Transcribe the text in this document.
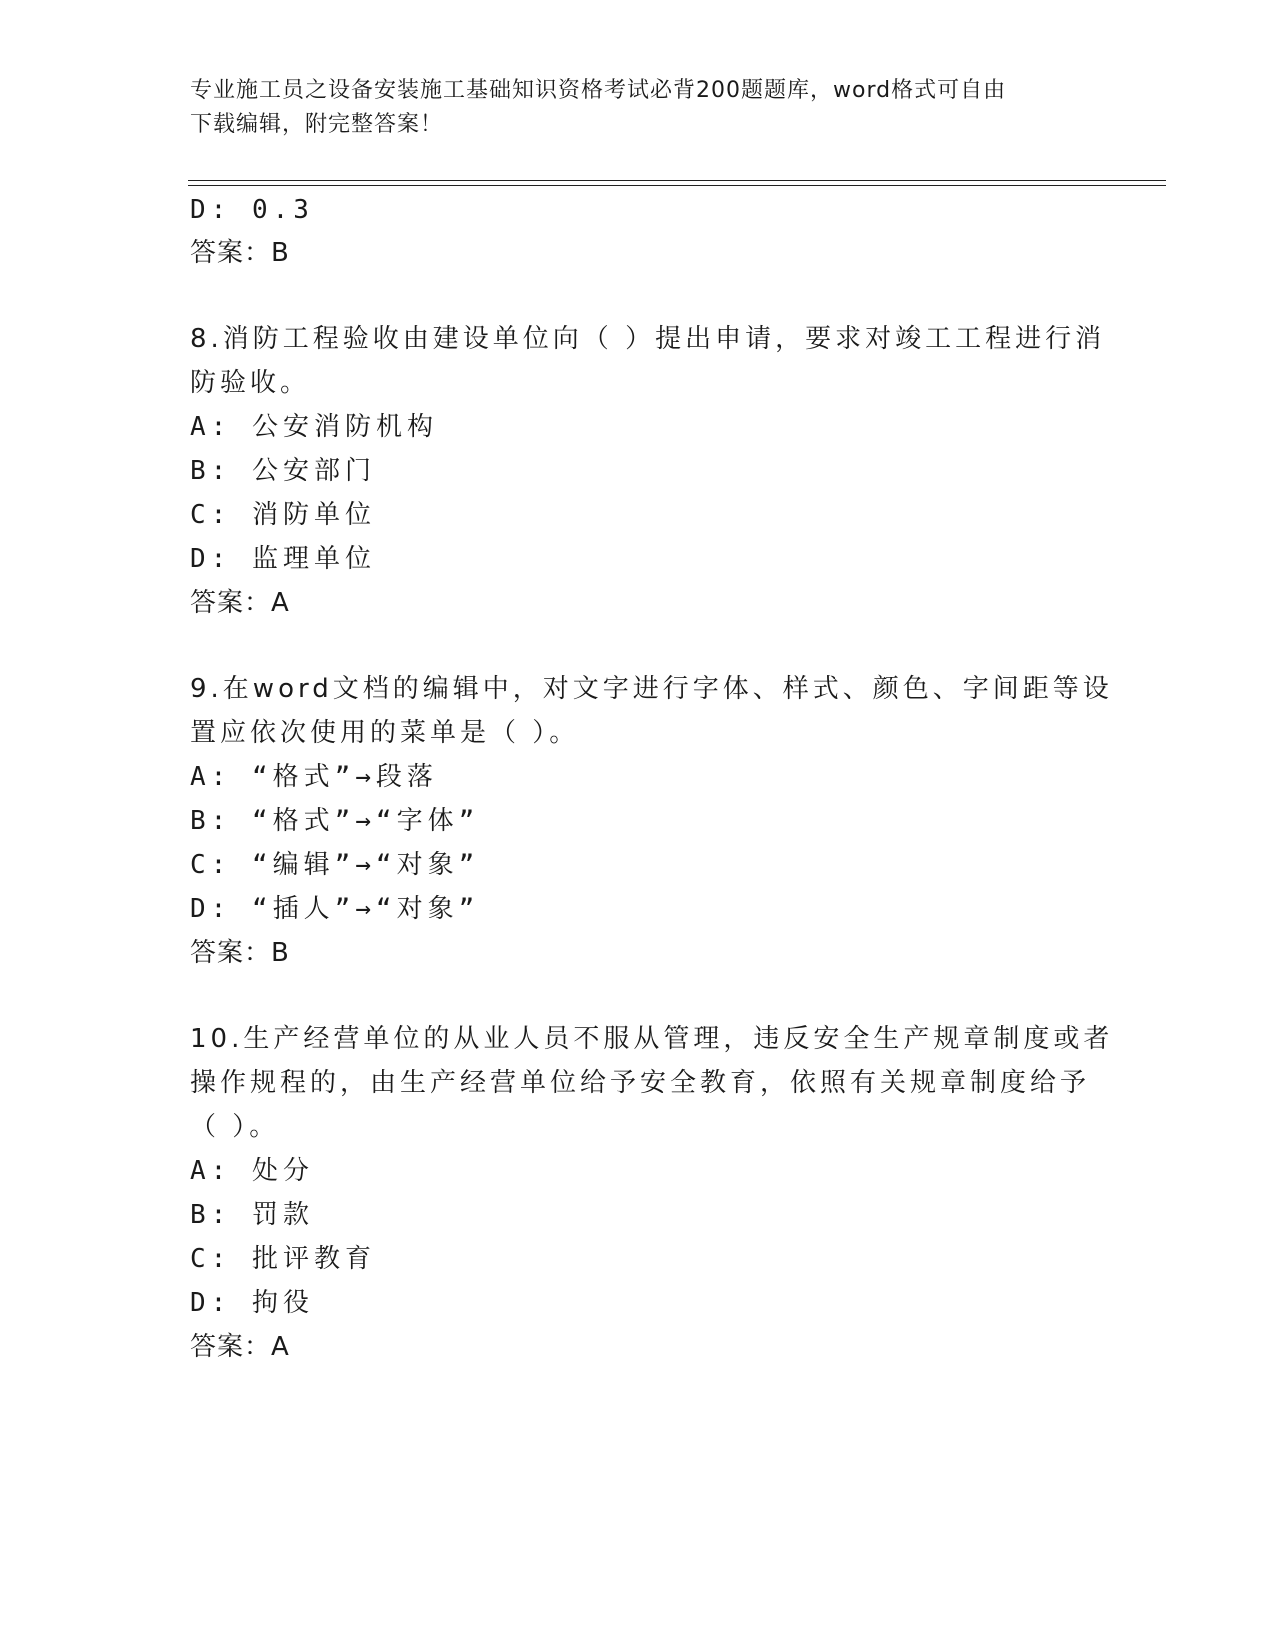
专业施工员之设备安装施工基础知识资格考试必背200题题库，word格式可自由
下载编辑，附完整答案！
D: 0.3
答案：B
8.消防工程验收由建设单位向（ ）提出申请，要求对竣工工程进行消
防验收。
A: 公安消防机构
B: 公安部门
C: 消防单位
D: 监理单位
答案：A
9.在word文档的编辑中，对文字进行字体、样式、颜色、字间距等设
置应依次使用的菜单是（ ）。
A: “格式”→段落
B: “格式”→“字体”
C: “编辑”→“对象”
D: “插人”→“对象”
答案：B
10.生产经营单位的从业人员不服从管理，违反安全生产规章制度或者
操作规程的，由生产经营单位给予安全教育，依照有关规章制度给予
（ ）。
A: 处分
B: 罚款
C: 批评教育
D: 拘役
答案：A
